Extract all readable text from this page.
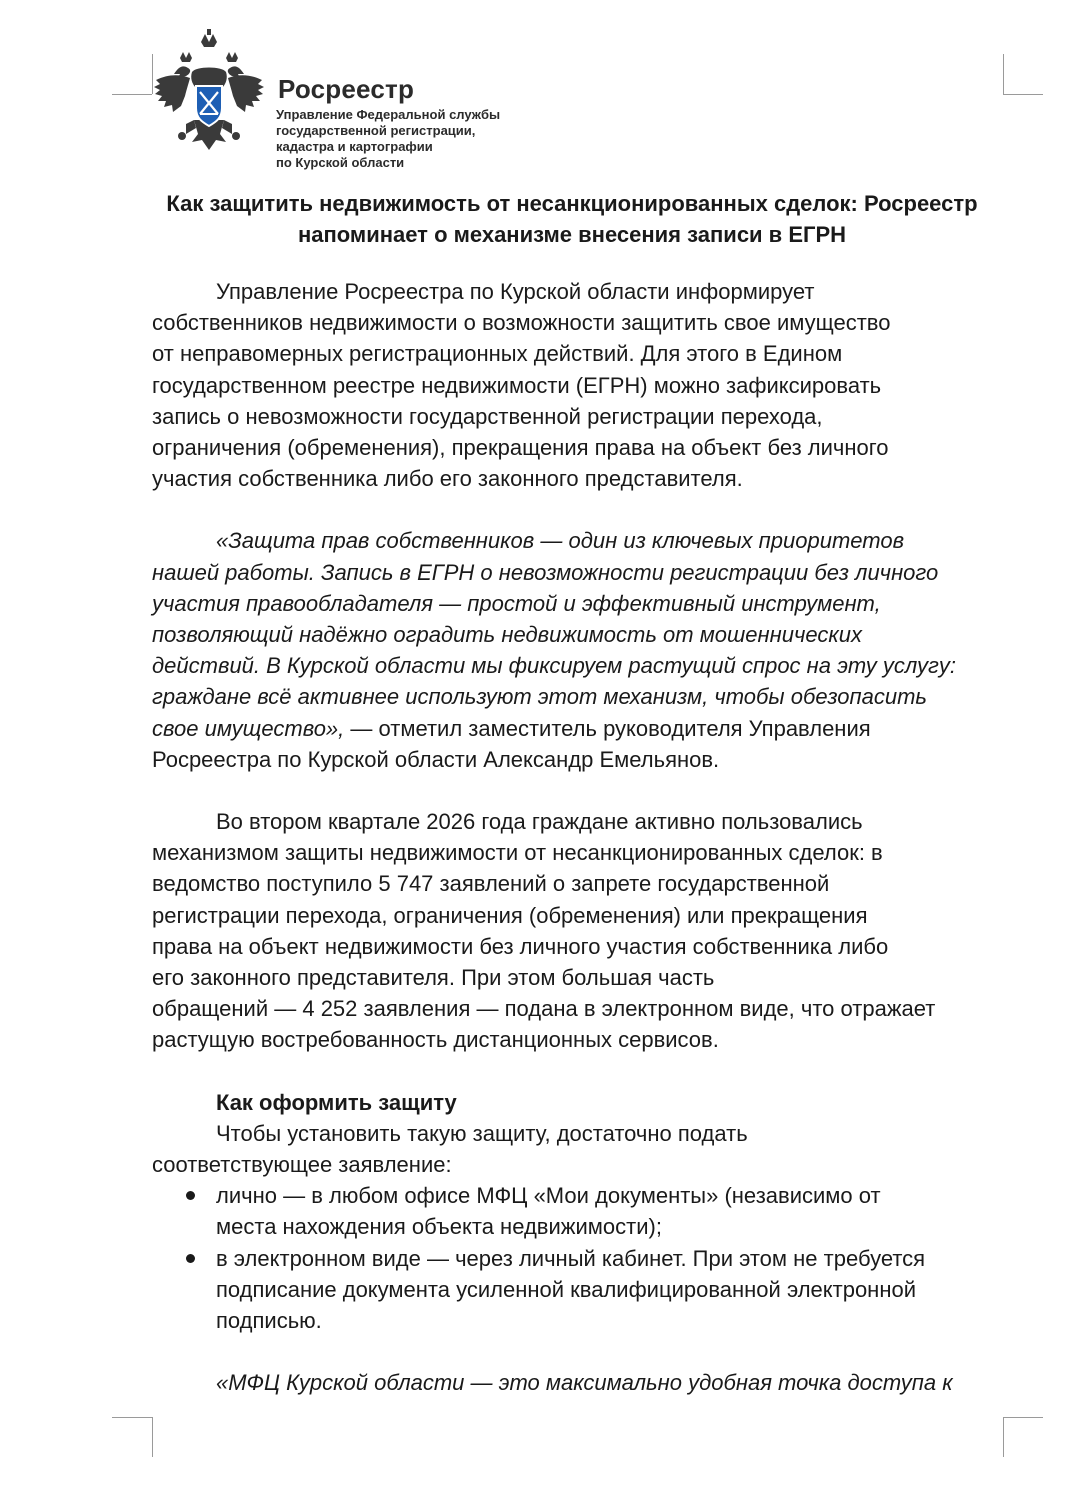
Росреестр

Управление Федеральной службы
государственной регистрации,
кадастра и картографии
по Курской области
Как защитить недвижимость от несанкционированных сделок: Росреестр
напоминает о механизме внесения записи в ЕГРН
Управление Росреестра по Курской области информирует
собственников недвижимости о возможности защитить свое имущество
от неправомерных регистрационных действий. Для этого в Едином
государственном реестре недвижимости (ЕГРН) можно зафиксировать
запись о невозможности государственной регистрации перехода,
ограничения (обременения), прекращения права на объект без личного
участия собственника либо его законного представителя.
«Защита прав собственников — один из ключевых приоритетов
нашей работы. Запись в ЕГРН о невозможности регистрации без личного
участия правообладателя — простой и эффективный инструмент,
позволяющий надёжно оградить недвижимость от мошеннических
действий. В Курской области мы фиксируем растущий спрос на эту услугу:
граждане всё активнее используют этот механизм, чтобы обезопасить
свое имущество», — отметил заместитель руководителя Управления
Росреестра по Курской области Александр Емельянов.
Во втором квартале 2026 года граждане активно пользовались
механизмом защиты недвижимости от несанкционированных сделок: в
ведомство поступило 5 747 заявлений о запрете государственной
регистрации перехода, ограничения (обременения) или прекращения
права на объект недвижимости без личного участия собственника либо
его законного представителя. При этом большая часть
обращений — 4 252 заявления — подана в электронном виде, что отражает
растущую востребованность дистанционных сервисов.

Как оформить защиту

Чтобы установить такую защиту, достаточно подать
соответствующее заявление:
лично — в любом офисе МФЦ «Мои документы» (независимо от
места нахождения объекта недвижимости);
в электронном виде — через личный кабинет. При этом не требуется
подписание документа усиленной квалифицированной электронной
подписью.
«МФЦ Курской области — это максимально удобная точка доступа к
